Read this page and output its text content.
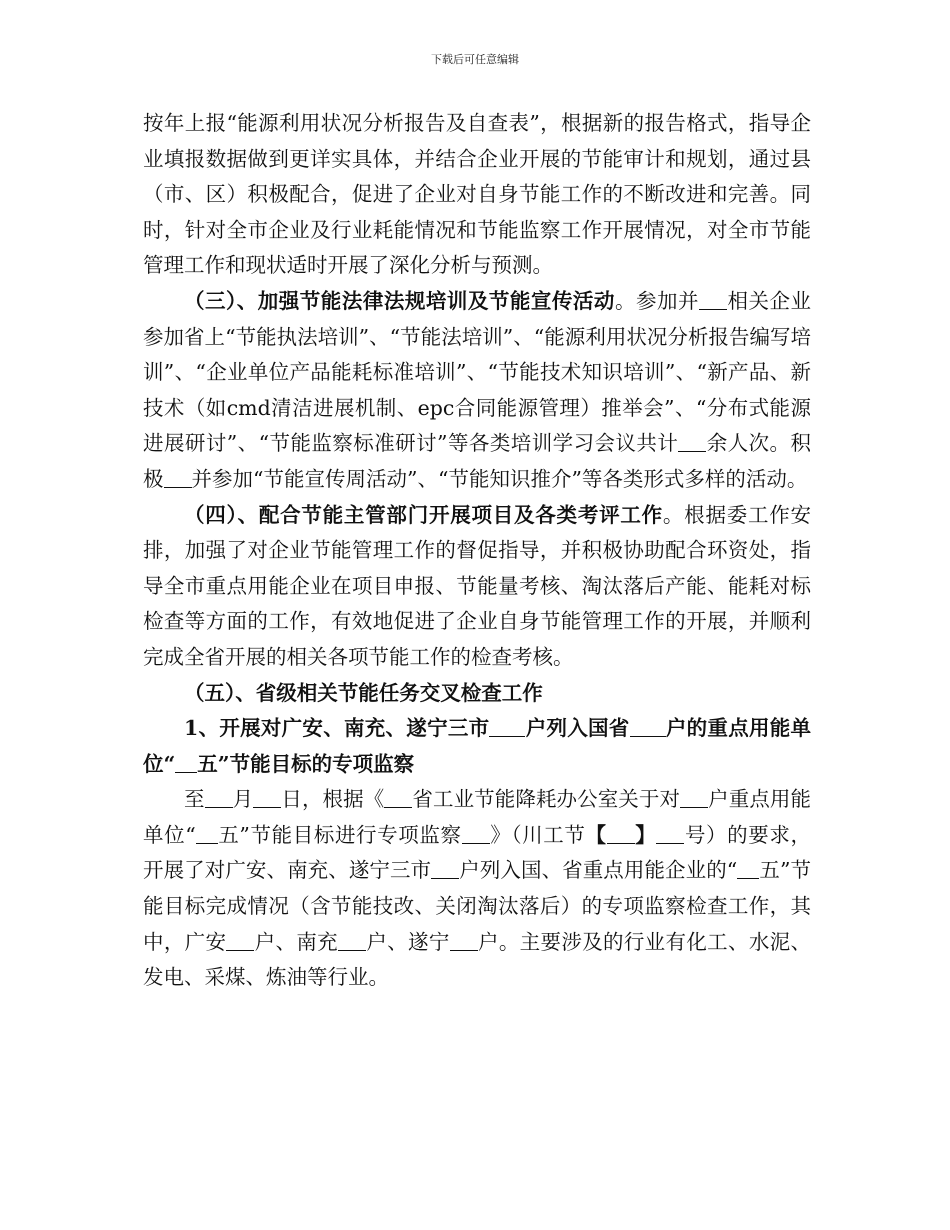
下载后可任意编辑

按年上报“能源利用状况分析报告及自查表”，根据新的报告格式，指导企业填报数据做到更详实具体，并结合企业开展的节能审计和规划，通过县（市、区）积极配合，促进了企业对自身节能工作的不断改进和完善。同时，针对全市企业及行业耗能情况和节能监察工作开展情况，对全市节能管理工作和现状适时开展了深化分析与预测。

（三）、加强节能法律法规培训及节能宣传活动。参加并 相关企业参加省上“节能执法培训”、“节能法培训”、“能源利用状况分析报告编写培训”、“企业单位产品能耗标准培训”、“节能技术知识培训”、“新产品、新技术（如cmd清洁进展机制、epc合同能源管理）推举会”、“分布式能源进展研讨”、“节能监察标准研讨”等各类培训学习会议共计 余人次。积极 并参加“节能宣传周活动”、“节能知识推介”等各类形式多样的活动。

（四）、配合节能主管部门开展项目及各类考评工作。根据委工作安排，加强了对企业节能管理工作的督促指导，并积极协助配合环资处，指导全市重点用能企业在项目申报、节能量考核、淘汰落后产能、能耗对标检查等方面的工作，有效地促进了企业自身节能管理工作的开展，并顺利完成全省开展的相关各项节能工作的检查考核。

（五）、省级相关节能任务交叉检查工作

1、开展对广安、南充、遂宁三市 户列入国省 户的重点用能单位“ 五”节能目标的专项监察

至 月 日，根据《 省工业节能降耗办公室关于对 户重点用能单位“ 五”节能目标进行专项监察 》（川工节【 】 号）的要求，开展了对广安、南充、遂宁三市 户列入国、省重点用能企业的“ 五”节能目标完成情况（含节能技改、关闭淘汰落后）的专项监察检查工作，其中，广安 户、南充 户、遂宁 户。主要涉及的行业有化工、水泥、发电、采煤、炼油等行业。
